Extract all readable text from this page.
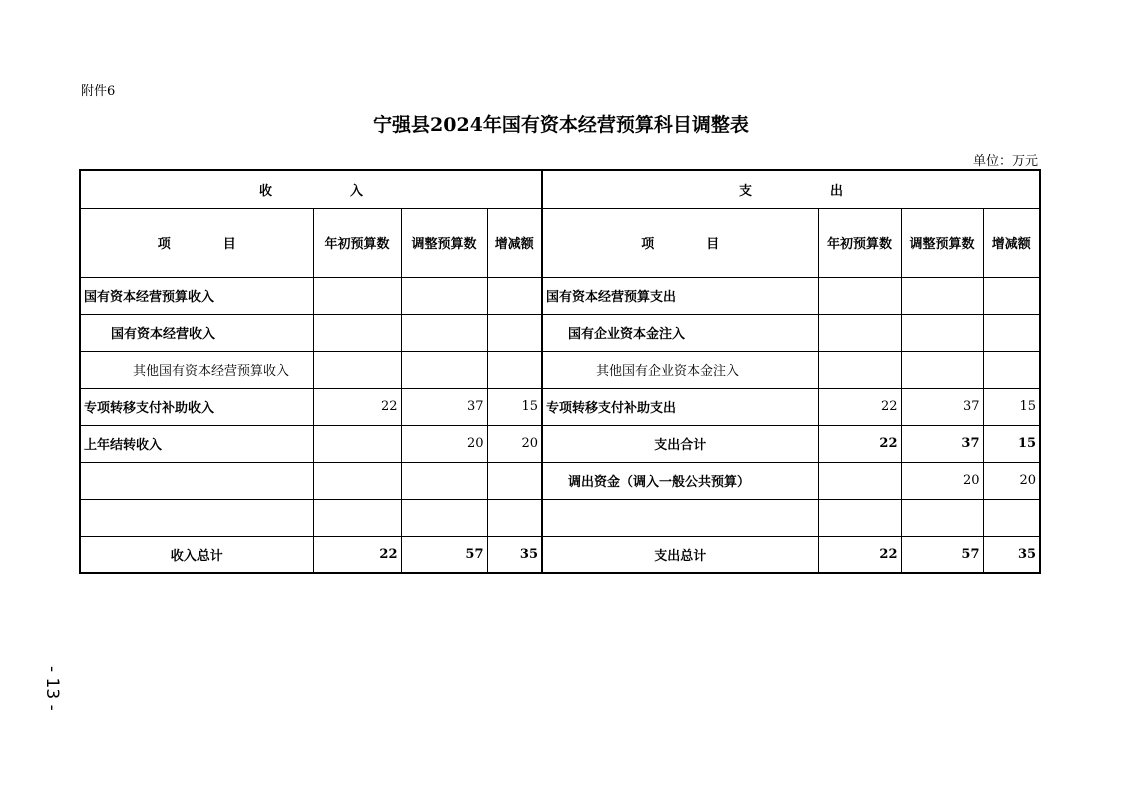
附件6
宁强县2024年国有资本经营预算科目调整表
单位：万元
收　　　　　　入				支　　　　　　出			
项　　　　目	年初预算数	调整预算数	增减额	项　　　　目	年初预算数	调整预算数	增减额
国有资本经营预算收入				国有资本经营预算支出			
国有资本经营收入				国有企业资本金注入			
其他国有资本经营预算收入				其他国有企业资本金注入			
专项转移支付补助收入	22	37	15	专项转移支付补助支出	22	37	15
上年结转收入		20	20	支出合计	22	37	15
				调出资金（调入一般公共预算）		20	20

收入总计	22	57	35	支出总计	22	57	35
- 13 -
